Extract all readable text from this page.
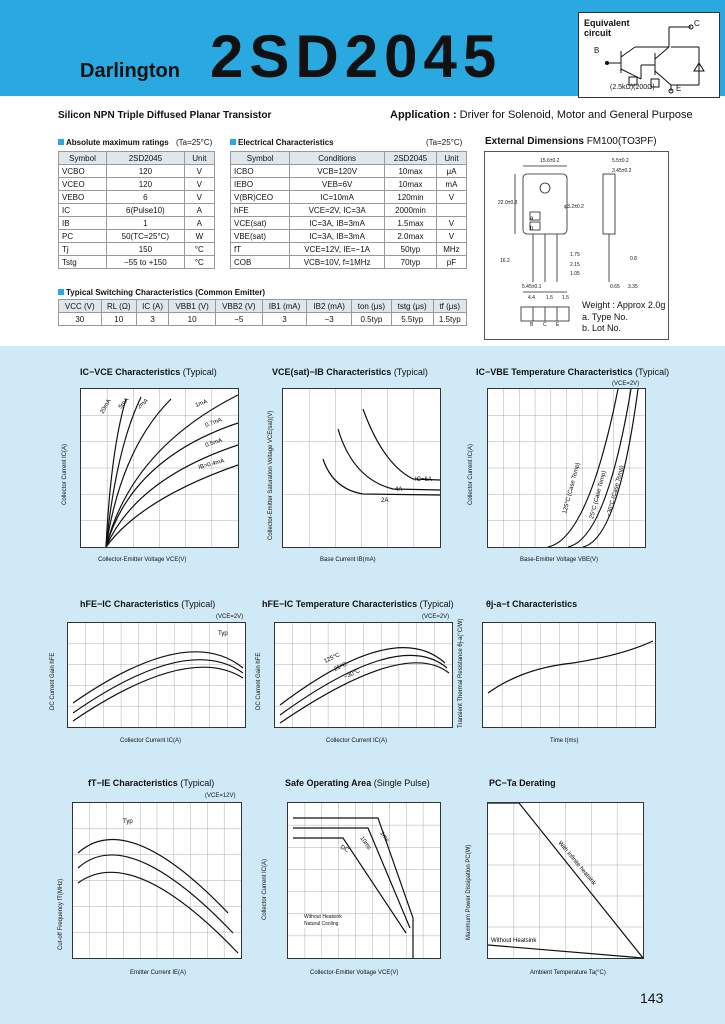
Darlington 2SD2045	Equivalent circuit
B
C
E
(2.5kΩ)(200Ω)
Silicon NPN Triple Diffused Planar Transistor	Application : Driver for Solenoid, Motor and General Purpose
Absolute maximum ratings (Ta=25°C)
Symbol	2SD2045	Unit
VCBO	120	V
VCEO	120	V
VEBO	6	V
IC	6(Pulse10)	A
IB	1	A
PC	50(TC=25°C)	W
Tj	150	°C
Tstg	−55 to +150	°C
Electrical Characteristics	(Ta=25°C)
Symbol	Conditions	2SD2045	Unit
ICBO	VCB=120V	10max	μA
IEBO	VEB=6V	10max	mA
V(BR)CEO	IC=10mA	120min	V
hFE	VCE=2V, IC=3A	2000min	
VCE(sat)	IC=3A, IB=3mA	1.5max	V
VBE(sat)	IC=3A, IB=3mA	2.0max	V
fT	VCE=12V, IE=−1A	50typ	MHz
COB	VCB=10V, f=1MHz	70typ	pF
Typical Switching Characteristics (Common Emitter)
VCC (V)	RL (Ω)	IC (A)	VBB1 (V)	VBB2 (V)	IB1 (mA)	IB2 (mA)	ton (μs)	tstg (μs)	tf (μs)
30	10	3	10	−5	3	−3	0.5typ	5.5typ	1.5typ
External Dimensions FM100(TO3PF)
15.6±0.2	5.5±0.2
3.45±0.2
22.0±0.3
φ3.2±0.2
16.2
1.75
2.15
1.05
5.45±0.1	0.65 3.35
0.8
4.4 1.5 1.5
a
b
B C E
Weight : Approx 2.0g
a. Type No.
b. Lot No.
IC−VCE Characteristics (Typical)
20mA 5mA 2mA	1mA
0.7mA
0.5mA
IB=0.4mA
Collector-Emitter Voltage VCE(V)
Collector Current IC(A)
VCE(sat)−IB Characteristics (Typical)
IC=6A
4A
2A
Base Current IB(mA)
Collector-Emitter Saturation Voltage VCE(sat)(V)
IC−VBE Temperature Characteristics (Typical)
(VCE=2V)
125°C (Case Temp) 25°C (Case Temp)
−30°C (Case Temp)
Base-Emitter Voltage VBE(V)
Collector Current IC(A)
hFE−IC Characteristics (Typical)
(VCE=2V)
Typ
Collector Current IC(A)
DC Current Gain hFE
hFE−IC Temperature Characteristics (Typical)
(VCE=2V)
125°C
25°C
−30°C
Collector Current IC(A)
DC Current Gain hFE
θj-a−t Characteristics
Time t(ms)
Transient Thermal Resistance θj-a(°C/W)
fT−IE Characteristics (Typical)
(VCE=12V)
Typ
Emitter Current IE(A)
Cut-off Frequency fT(MHz)
Safe Operating Area (Single Pulse)
1ms
10ms
DC
Collector-Emitter Voltage VCE(V)
Collector Current IC(A)	Without Heatsink
Natural Cooling
PC−Ta Derating
With Infinite heatsink
Without Heatsink
Ambient Temperature Ta(°C)
Maximum Power Dissipation PC(W)
143
